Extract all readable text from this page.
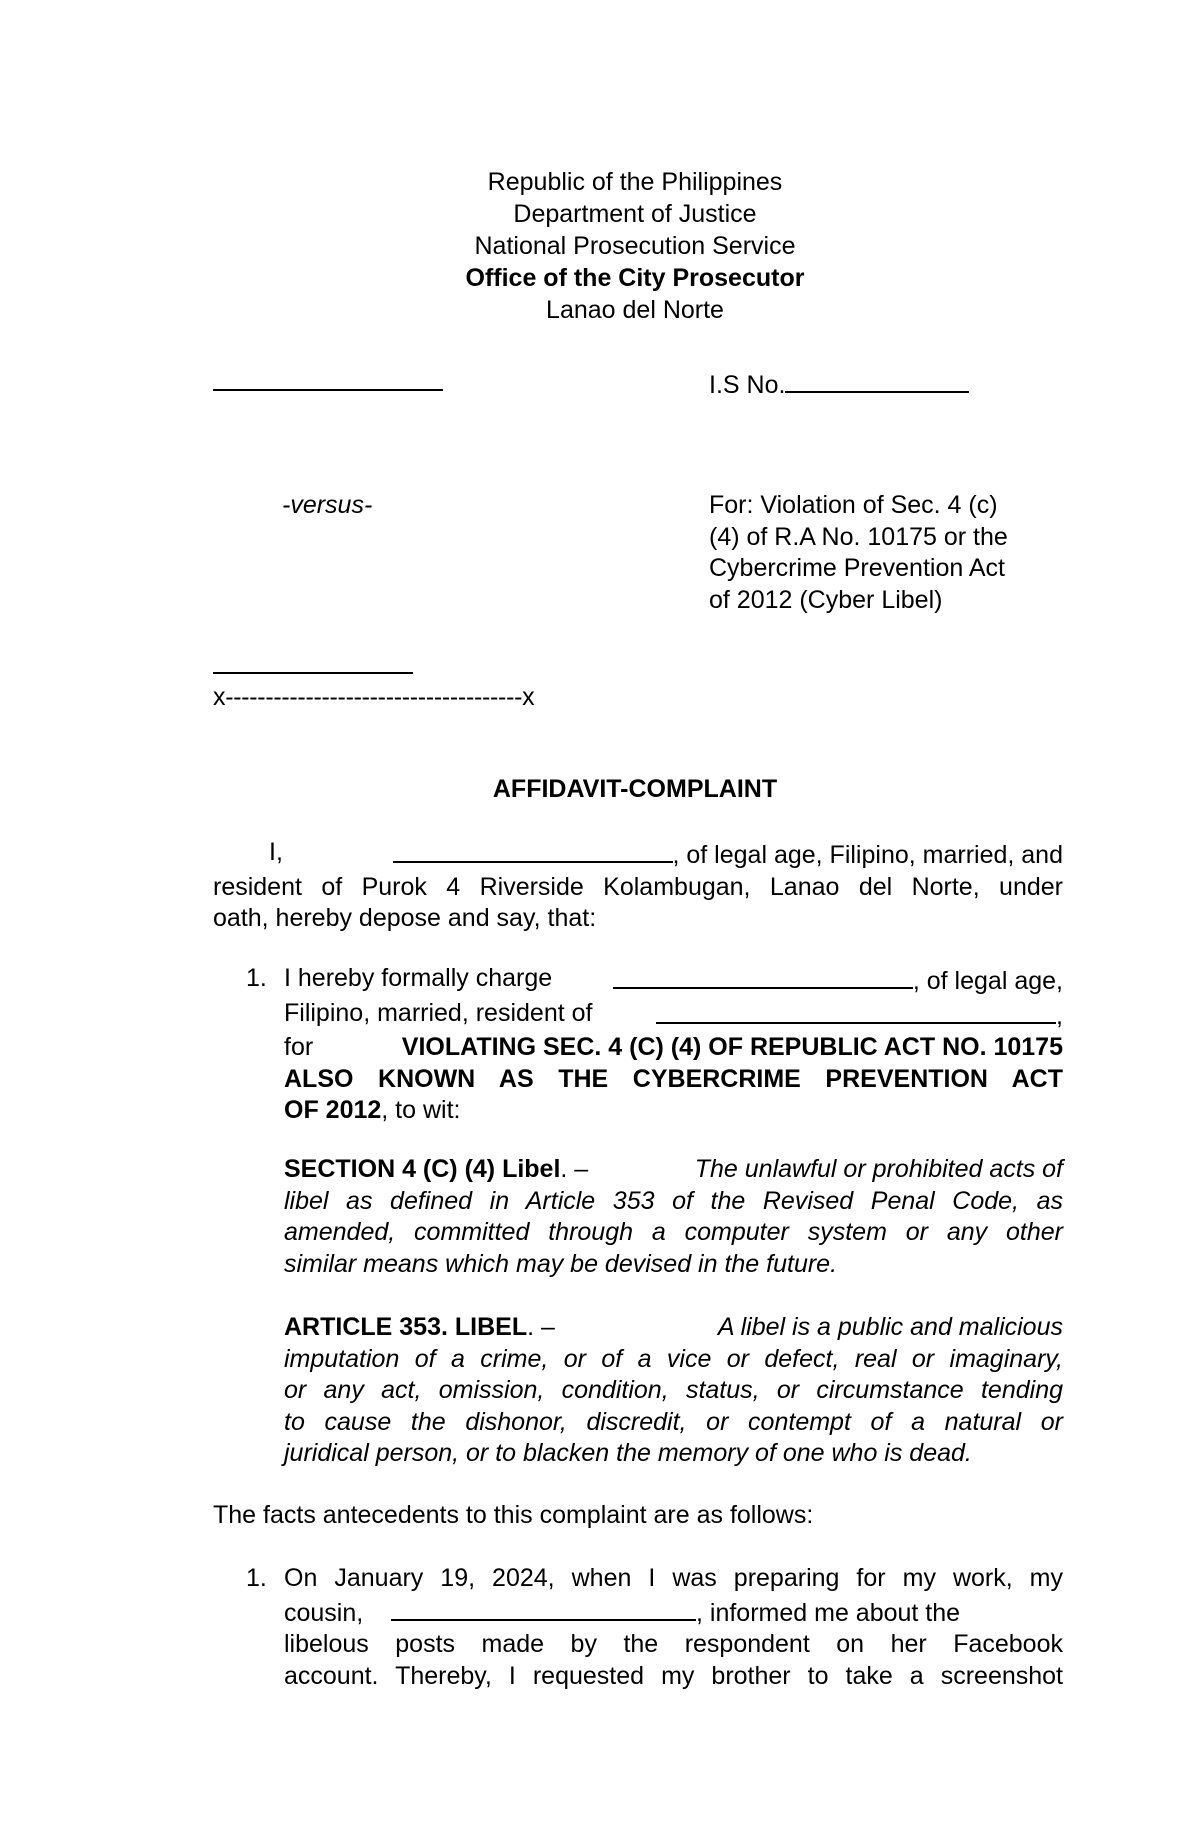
Republic of the Philippines
Department of Justice
National Prosecution Service
Office of the City Prosecutor
Lanao del Norte
I.S No.
-versus-	For: Violation of Sec. 4 (c)
(4) of R.A No. 10175 or the
Cybercrime Prevention Act
of 2012 (Cyber Libel)
x-------------------------------------x
AFFIDAVIT-COMPLAINT
I,	, of legal age, Filipino, married, and
resident of Purok 4 Riverside Kolambugan, Lanao del Norte, under
oath, hereby depose and say, that:
1. I hereby formally charge	, of legal age,
Filipino, married, resident of	,
for	VIOLATING SEC. 4 (C) (4) OF REPUBLIC ACT NO. 10175
ALSO KNOWN AS THE CYBERCRIME PREVENTION ACT
OF 2012, to wit:
SECTION 4 (C) (4) Libel. –	The unlawful or prohibited acts of
libel as defined in Article 353 of the Revised Penal Code, as
amended, committed through a computer system or any other
similar means which may be devised in the future.
ARTICLE 353. LIBEL. –	A libel is a public and malicious
imputation of a crime, or of a vice or defect, real or imaginary,
or any act, omission, condition, status, or circumstance tending
to cause the dishonor, discredit, or contempt of a natural or
juridical person, or to blacken the memory of one who is dead.
The facts antecedents to this complaint are as follows:
1. On January 19, 2024, when I was preparing for my work, my
cousin,	, informed me about the
libelous posts made by the respondent on her Facebook
account. Thereby, I requested my brother to take a screenshot
